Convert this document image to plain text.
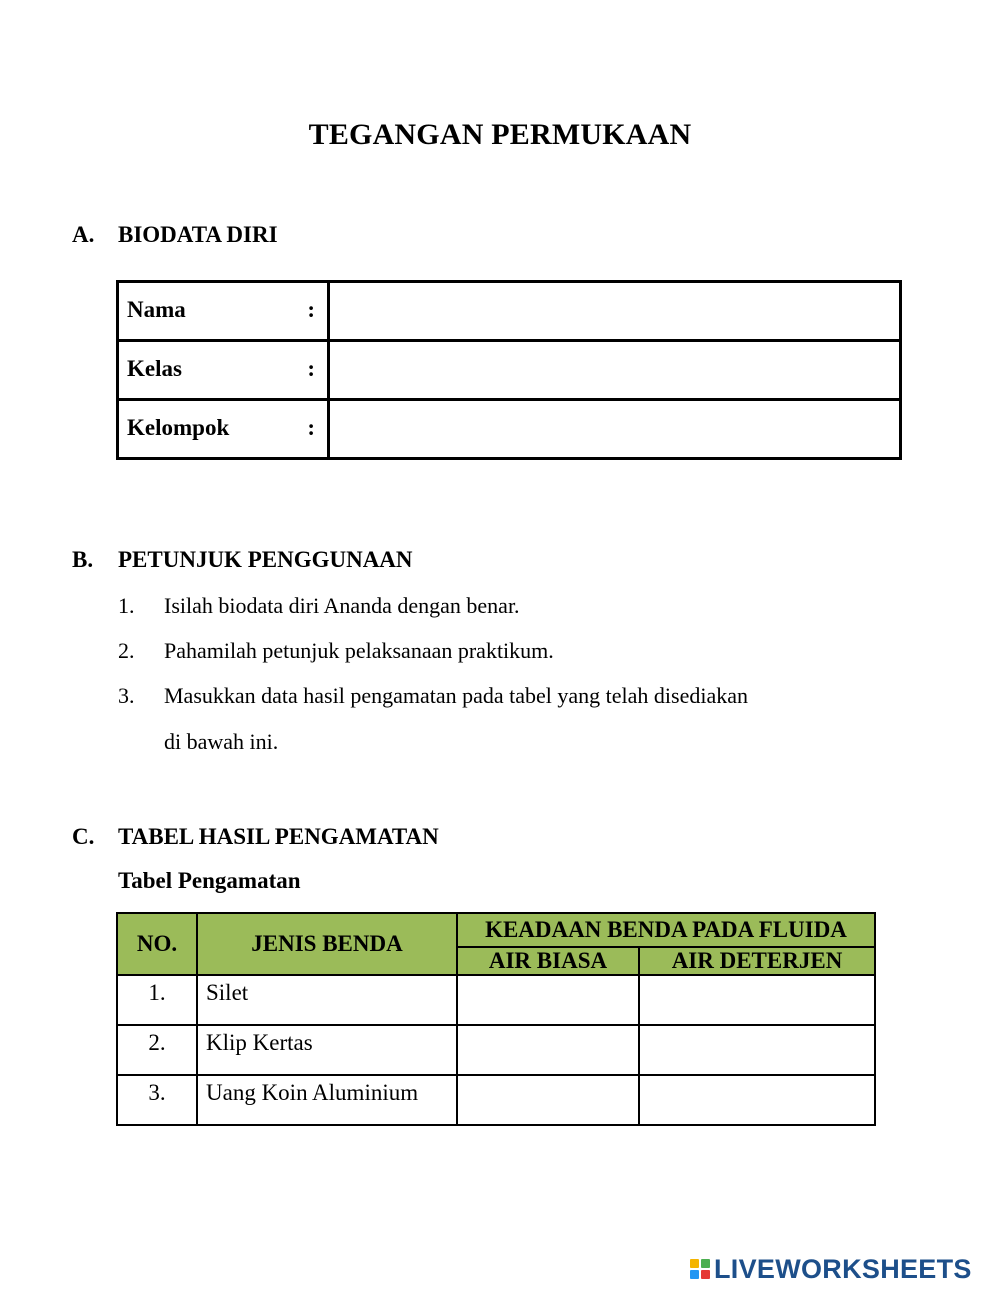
TEGANGAN PERMUKAAN
A. BIODATA DIRI
Nama :	

Kelas :	

Kelompok :	

B. PETUNJUK PENGGUNAAN
1. Isilah biodata diri Ananda dengan benar.
2. Pahamilah petunjuk pelaksanaan praktikum.
3. Masukkan data hasil pengamatan pada tabel yang telah disediakan
di bawah ini.
C. TABEL HASIL PENGAMATAN
Tabel Pengamatan
NO.	JENIS BENDA	KEADAAN BENDA PADA FLUIDA	
		AIR BIASA	AIR DETERJEN
1.	Silet		
2.	Klip Kertas		
3.	Uang Koin Aluminium		
LIVEWORKSHEETS
